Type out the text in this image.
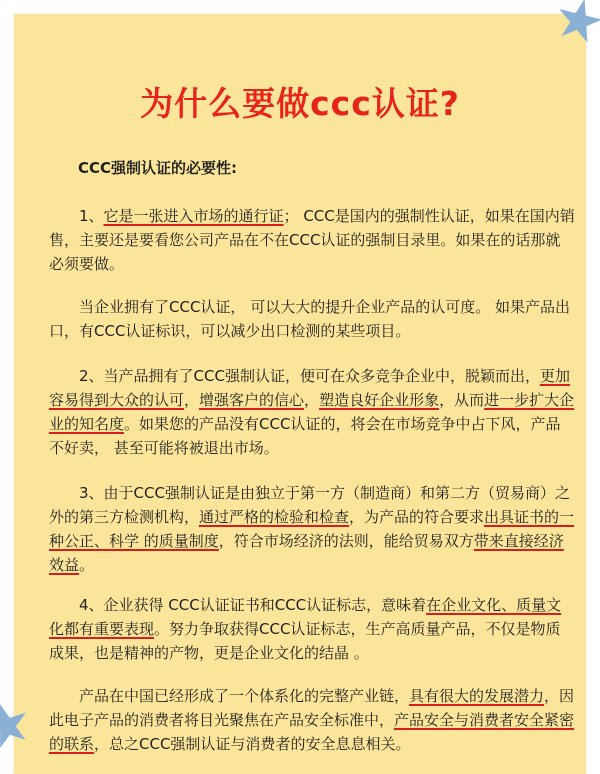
为什么要做ccc认证?
CCC强制认证的必要性:

1、它是一张进入市场的通行证； CCC是国内的强制性认证，如果在国内销售，主要还是要看您公司产品在不在CCC认证的强制目录里。如果在的话那就必须要做。

当企业拥有了CCC认证， 可以大大的提升企业产品的认可度。 如果产品出口，有CCC认证标识，可以减少出口检测的某些项目。

2、当产品拥有了CCC强制认证，便可在众多竞争企业中，脱颖而出，更加容易得到大众的认可，增强客户的信心，塑造良好企业形象，从而进一步扩大企业的知名度。如果您的产品没有CCC认证的，将会在市场竞争中占下风，产品不好卖， 甚至可能将被退出市场。

3、由于CCC强制认证是由独立于第一方（制造商）和第二方（贸易商）之外的第三方检测机构，通过严格的检验和检查，为产品的符合要求出具证书的一种公正、科学 的质量制度，符合市场经济的法则，能给贸易双方带来直接经济效益。

4、企业获得 CCC认证证书和CCC认证标志，意味着在企业文化、质量文化都有重要表现。努力争取获得CCC认证标志，生产高质量产品，不仅是物质成果，也是精神的产物，更是企业文化的结晶 。

产品在中国已经形成了一个体系化的完整产业链，具有很大的发展潜力，因此电子产品的消费者将目光聚焦在产品安全标准中，产品安全与消费者安全紧密的联系，总之CCC强制认证与消费者的安全息息相关。
